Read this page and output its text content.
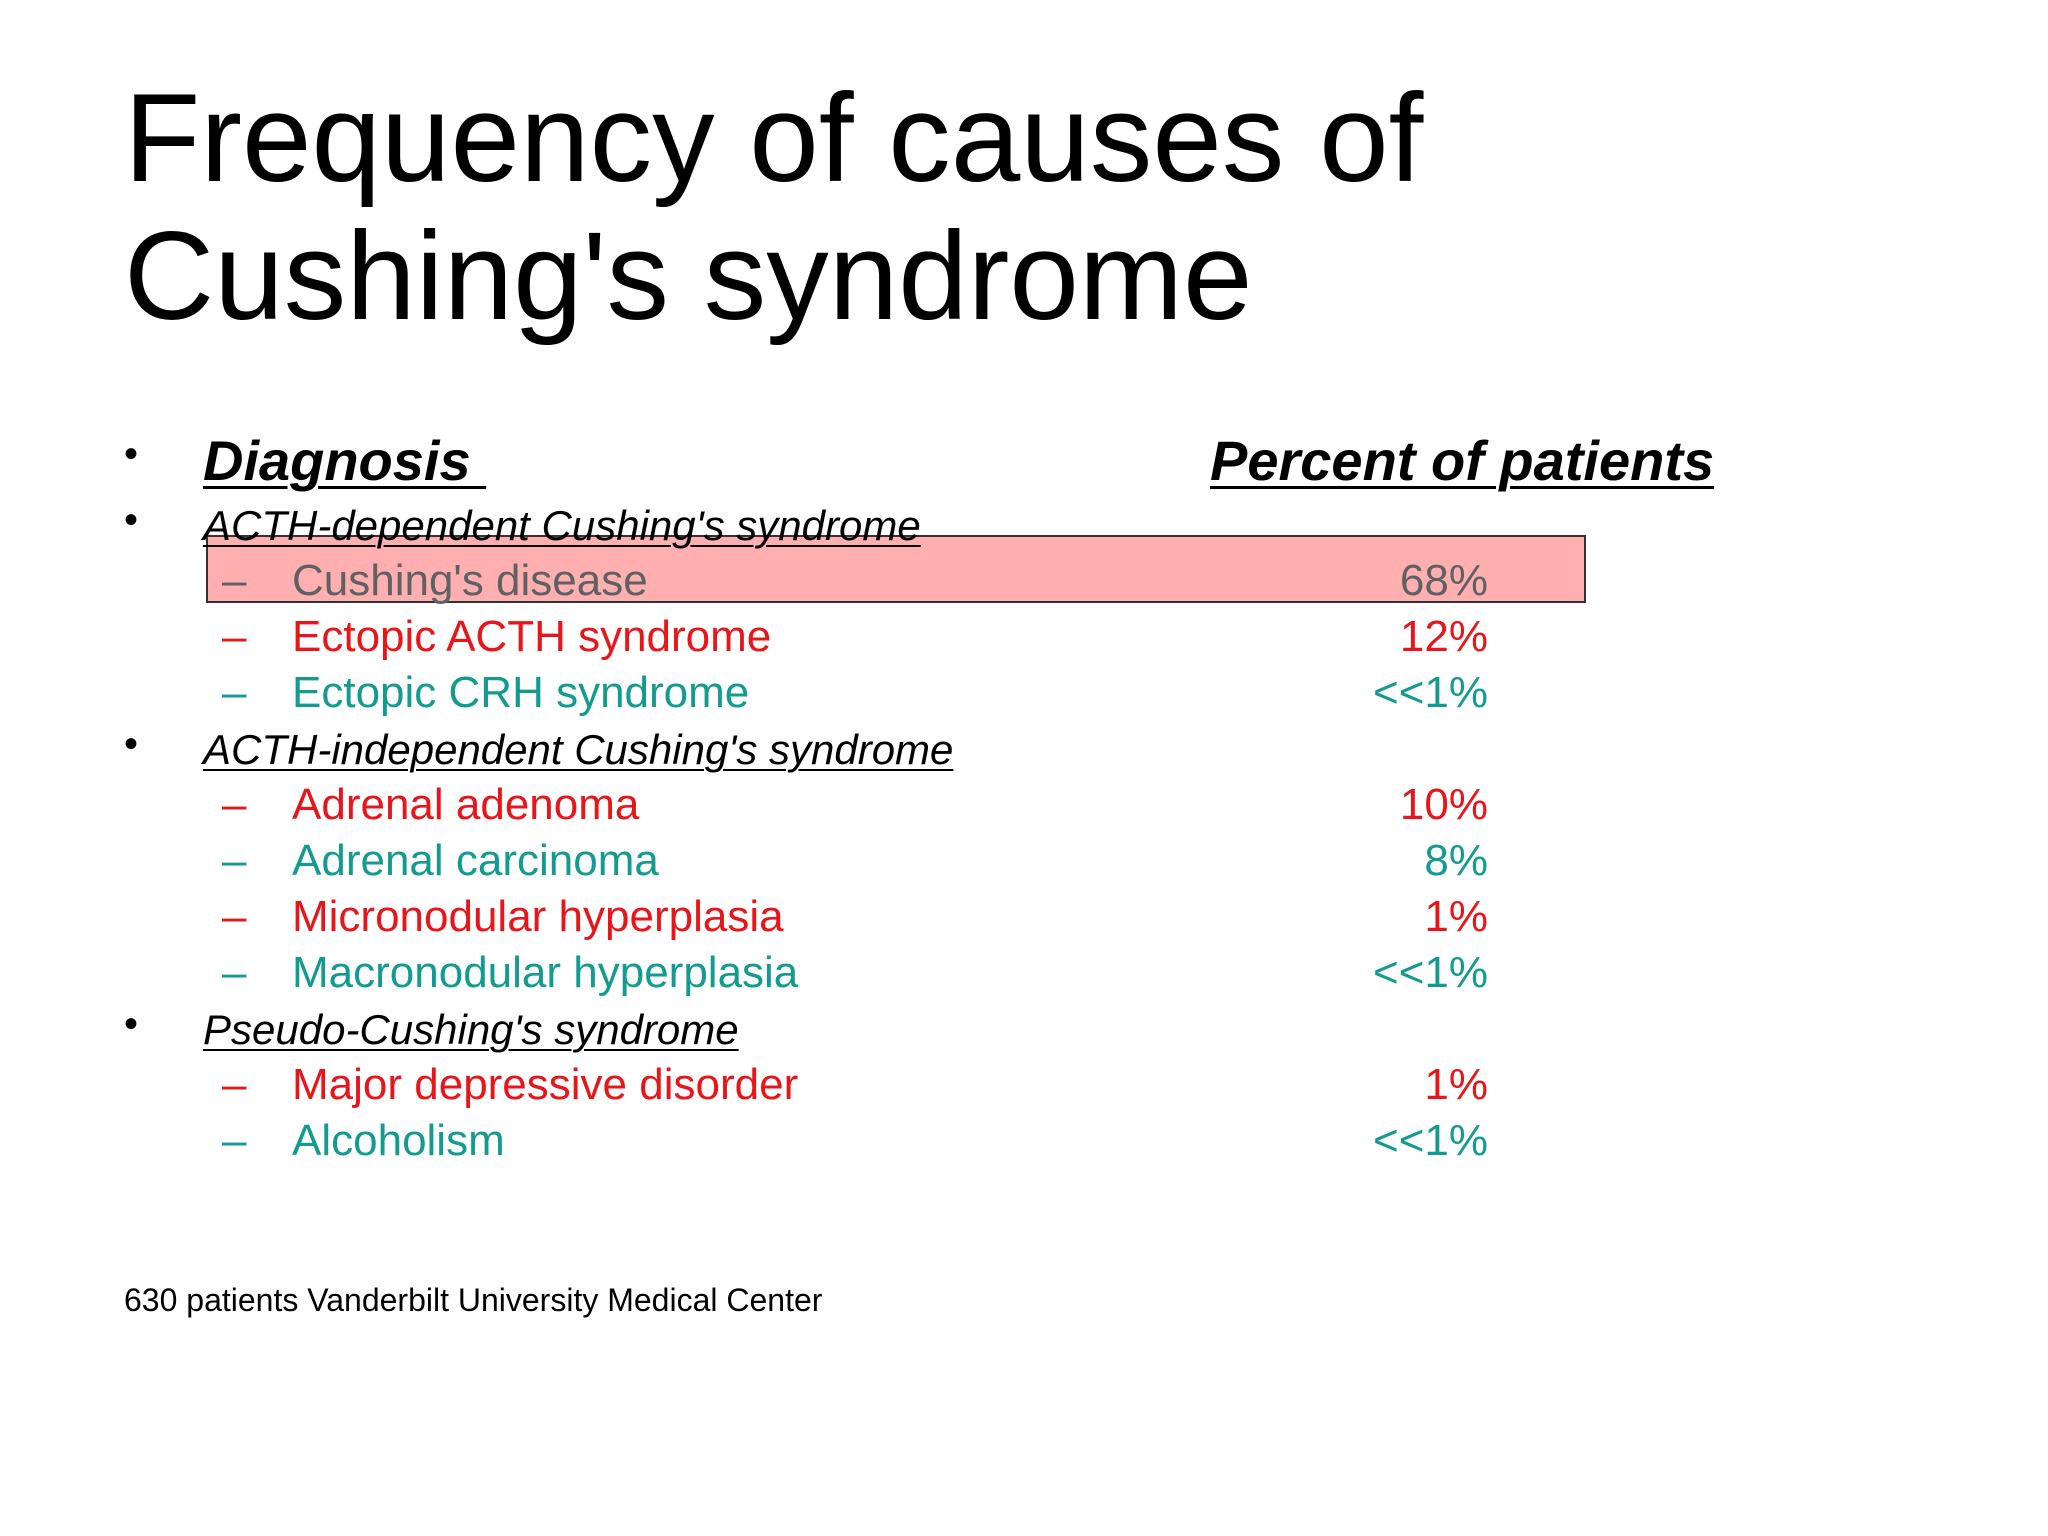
Frequency of causes of Cushing's syndrome
• Diagnosis	Percent of patients
• ACTH-dependent Cushing's syndrome
– Cushing's disease	68%
– Ectopic ACTH syndrome	12%
– Ectopic CRH syndrome	<<1%
• ACTH-independent Cushing's syndrome
– Adrenal adenoma	10%
– Adrenal carcinoma	8%
– Micronodular hyperplasia	1%
– Macronodular hyperplasia	<<1%
• Pseudo-Cushing's syndrome
– Major depressive disorder	1%
– Alcoholism	<<1%
630 patients Vanderbilt University Medical Center
